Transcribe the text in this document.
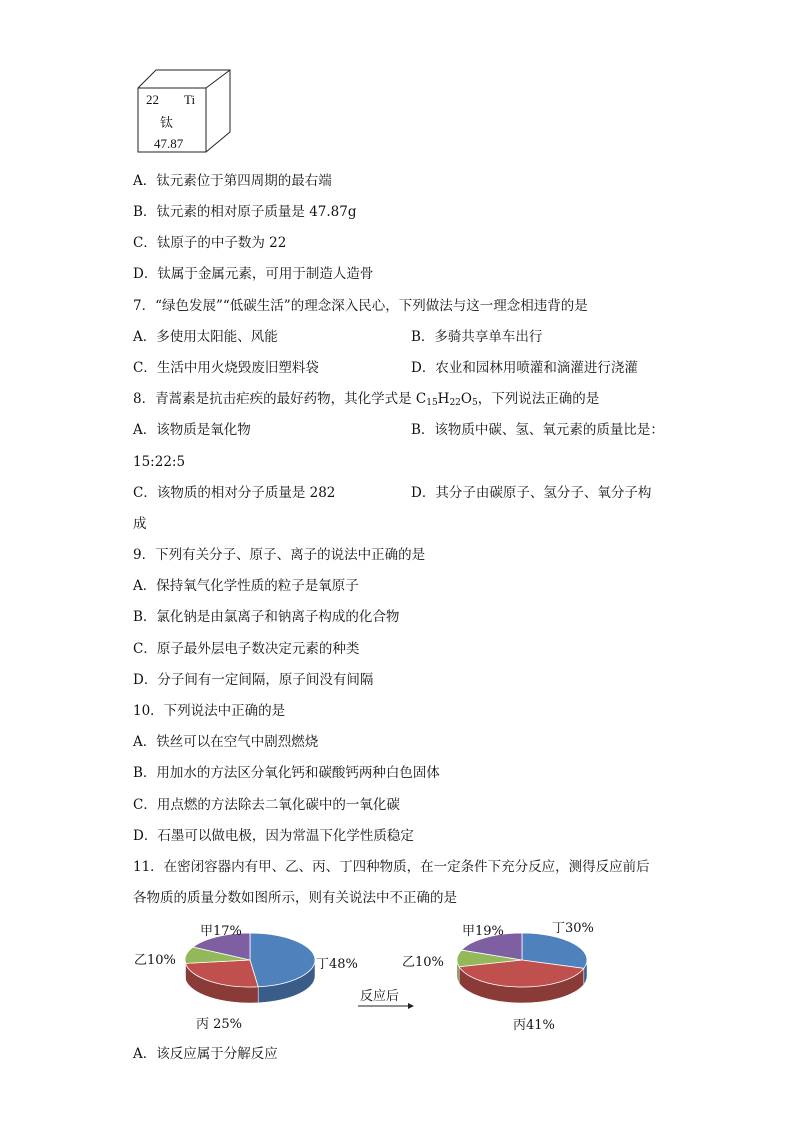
22 Ti
钛
47.87
A．钛元素位于第四周期的最右端
B．钛元素的相对原子质量是 47.87g
C．钛原子的中子数为 22
D．钛属于金属元素，可用于制造人造骨
7．“绿色发展”“低碳生活”的理念深入民心，下列做法与这一理念相违背的是
A．多使用太阳能、风能	B．多骑共享单车出行
C．生活中用火烧毁废旧塑料袋	D．农业和园林用喷灌和滴灌进行浇灌
8．青蒿素是抗击疟疾的最好药物，其化学式是 $C_{15}H_{22}O_5$，下列说法正确的是
A．该物质是氧化物	B．该物质中碳、氢、氧元素的质量比是：
15:22:5
C．该物质的相对分子质量是 282	D．其分子由碳原子、氢分子、氧分子构
成
9．下列有关分子、原子、离子的说法中正确的是
A．保持氧气化学性质的粒子是氧原子
B．氯化钠是由氯离子和钠离子构成的化合物
C．原子最外层电子数决定元素的种类
D．分子间有一定间隔，原子间没有间隔
10．下列说法中正确的是
A．铁丝可以在空气中剧烈燃烧
B．用加水的方法区分氧化钙和碳酸钙两种白色固体
C．用点燃的方法除去二氧化碳中的一氧化碳
D．石墨可以做电极，因为常温下化学性质稳定
11．在密闭容器内有甲、乙、丙、丁四种物质，在一定条件下充分反应，测得反应前后
各物质的质量分数如图所示，则有关说法中不正确的是
甲17%
乙10%
丙 25%
丁48%
甲19%
乙10%
丙41%
丁30%
反应后
A．该反应属于分解反应
